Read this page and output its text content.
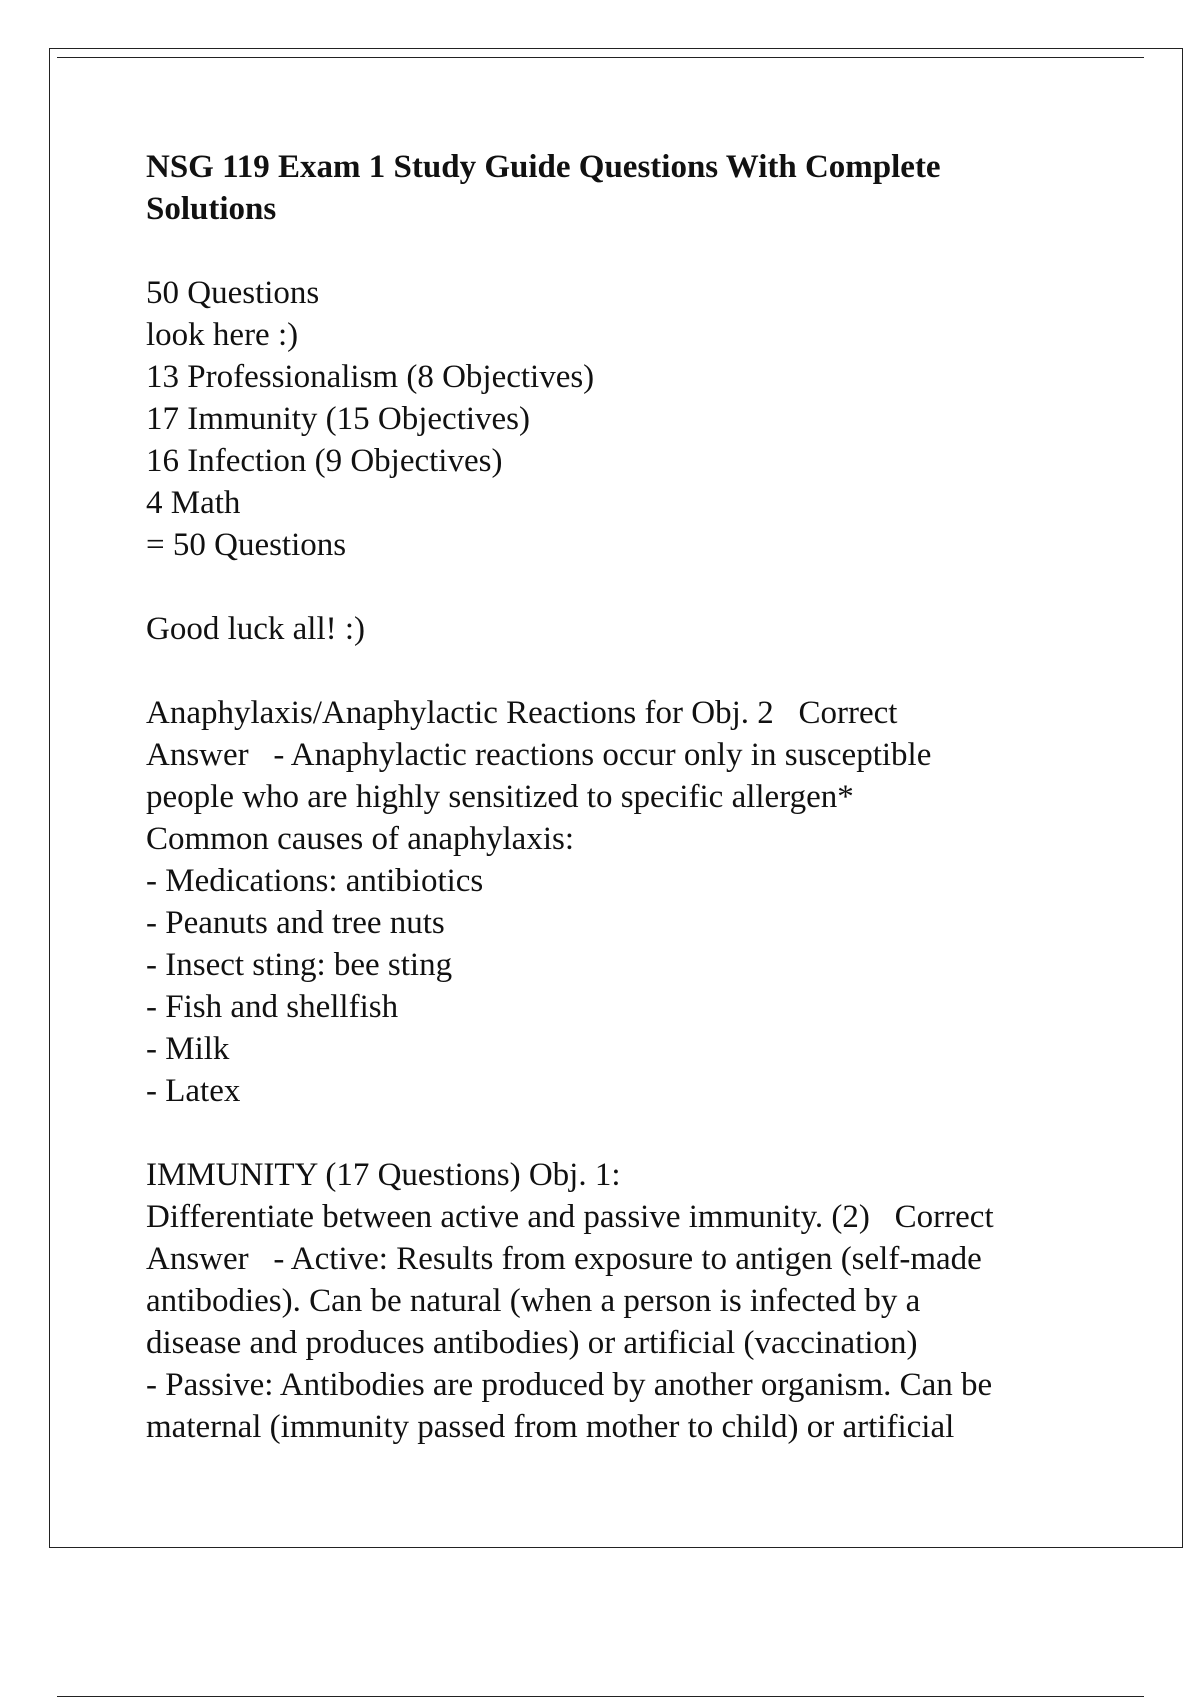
NSG 119 Exam 1 Study Guide Questions With Complete
Solutions
50 Questions
look here :)
13 Professionalism (8 Objectives)
17 Immunity (15 Objectives)
16 Infection (9 Objectives)
4 Math
= 50 Questions
Good luck all! :)
Anaphylaxis/Anaphylactic Reactions for Obj. 2   Correct
Answer   - Anaphylactic reactions occur only in susceptible
people who are highly sensitized to specific allergen*
Common causes of anaphylaxis:
- Medications: antibiotics
- Peanuts and tree nuts
- Insect sting: bee sting
- Fish and shellfish
- Milk
- Latex
IMMUNITY (17 Questions) Obj. 1:
Differentiate between active and passive immunity. (2)   Correct
Answer   - Active: Results from exposure to antigen (self-made
antibodies). Can be natural (when a person is infected by a
disease and produces antibodies) or artificial (vaccination)
- Passive: Antibodies are produced by another organism. Can be
maternal (immunity passed from mother to child) or artificial
